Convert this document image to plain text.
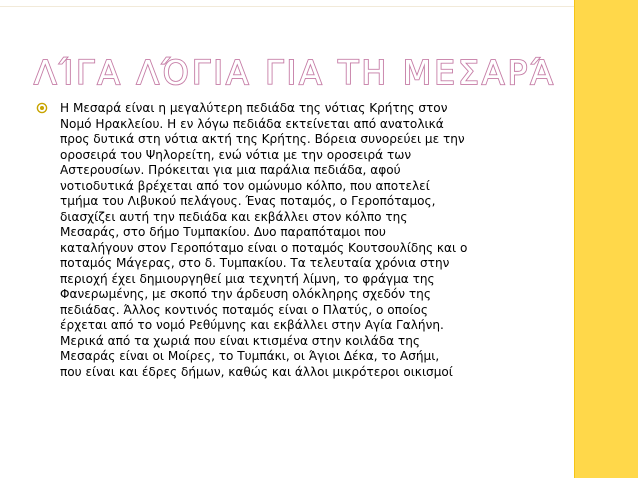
ΛΊΓΑ ΛΌΓΙΑ ΓΙΑ ΤΗ ΜΕΣΑΡΆ

Η Μεσαρά είναι η μεγαλύτερη πεδιάδα της νότιας Κρήτης στον
Νομό Ηρακλείου. Η εν λόγω πεδιάδα εκτείνεται από ανατολικά
προς δυτικά στη νότια ακτή της Κρήτης. Βόρεια συνορεύει με την
οροσειρά του Ψηλορείτη, ενώ νότια με την οροσειρά των
Αστερουσίων. Πρόκειται για μια παράλια πεδιάδα, αφού
νοτιοδυτικά βρέχεται από τον ομώνυμο κόλπο, που αποτελεί
τμήμα του Λιβυκού πελάγους. Ένας ποταμός, ο Γεροπόταμος,
διασχίζει αυτή την πεδιάδα και εκβάλλει στον κόλπο της
Μεσαράς, στο δήμο Τυμπακίου. Δυο παραπόταμοι που
καταλήγουν στον Γεροπόταμο είναι ο ποταμός Κουτσουλίδης και ο
ποταμός Μάγερας, στο δ. Τυμπακίου. Τα τελευταία χρόνια στην
περιοχή έχει δημιουργηθεί μια τεχνητή λίμνη, το φράγμα της
Φανερωμένης, με σκοπό την άρδευση ολόκληρης σχεδόν της
πεδιάδας. Άλλος κοντινός ποταμός είναι ο Πλατύς, ο οποίος
έρχεται από το νομό Ρεθύμνης και εκβάλλει στην Αγία Γαλήνη.
Μερικά από τα χωριά που είναι κτισμένα στην κοιλάδα της
Μεσαράς είναι οι Μοίρες, το Τυμπάκι, οι Άγιοι Δέκα, το Ασήμι,
που είναι και έδρες δήμων, καθώς και άλλοι μικρότεροι οικισμοί
